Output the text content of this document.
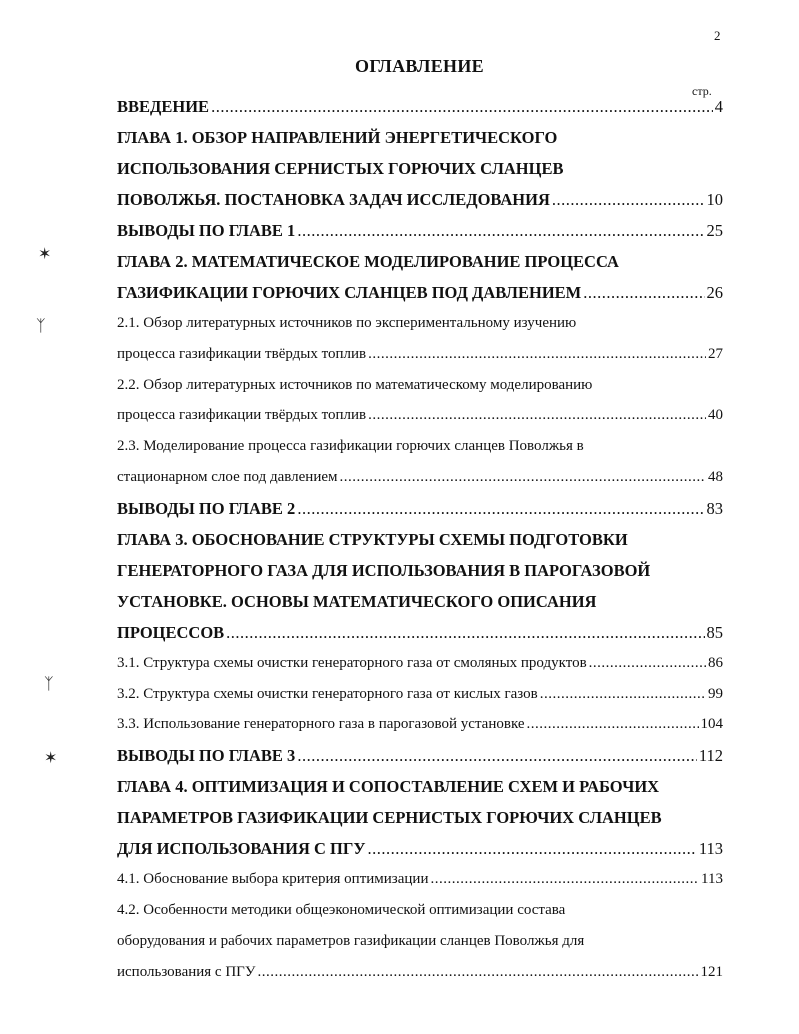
2
ОГЛАВЛЕНИЕ
стр.
✶
ᛉ
ᛉ
✶
ВВЕДЕНИЕ .....	4
ГЛАВА 1. ОБЗОР НАПРАВЛЕНИЙ ЭНЕРГЕТИЧЕСКОГО
ИСПОЛЬЗОВАНИЯ СЕРНИСТЫХ ГОРЮЧИХ СЛАНЦЕВ
ПОВОЛЖЬЯ. ПОСТАНОВКА ЗАДАЧ ИССЛЕДОВАНИЯ .....	10
ВЫВОДЫ ПО ГЛАВЕ 1 .....	25
ГЛАВА 2. МАТЕМАТИЧЕСКОЕ МОДЕЛИРОВАНИЕ ПРОЦЕССА
ГАЗИФИКАЦИИ ГОРЮЧИХ СЛАНЦЕВ ПОД ДАВЛЕНИЕМ .....	26
2.1. Обзор литературных источников по экспериментальному изучению
процесса газификации твёрдых топлив .....	27
2.2. Обзор литературных источников по математическому моделированию
процесса газификации твёрдых топлив .....	40
2.3. Моделирование процесса газификации горючих сланцев Поволжья в
стационарном слое под давлением .....	48
ВЫВОДЫ ПО ГЛАВЕ 2 .....	83
ГЛАВА 3. ОБОСНОВАНИЕ СТРУКТУРЫ СХЕМЫ ПОДГОТОВКИ
ГЕНЕРАТОРНОГО ГАЗА ДЛЯ ИСПОЛЬЗОВАНИЯ В ПАРОГАЗОВОЙ
УСТАНОВКЕ. ОСНОВЫ МАТЕМАТИЧЕСКОГО ОПИСАНИЯ
ПРОЦЕССОВ .....	85
3.1. Структура схемы очистки генераторного газа от смоляных продуктов .....	86
3.2. Структура схемы очистки генераторного газа от кислых газов .....	99
3.3. Использование генераторного газа в парогазовой установке .....	104
ВЫВОДЫ ПО ГЛАВЕ 3 .....	112
ГЛАВА 4. ОПТИМИЗАЦИЯ И СОПОСТАВЛЕНИЕ СХЕМ И РАБОЧИХ
ПАРАМЕТРОВ ГАЗИФИКАЦИИ СЕРНИСТЫХ ГОРЮЧИХ СЛАНЦЕВ
ДЛЯ ИСПОЛЬЗОВАНИЯ С ПГУ .....	113
4.1. Обоснование выбора критерия оптимизации .....	113
4.2. Особенности методики общеэкономической оптимизации состава
оборудования и рабочих параметров газификации сланцев Поволжья для
использования с ПГУ .....	121
